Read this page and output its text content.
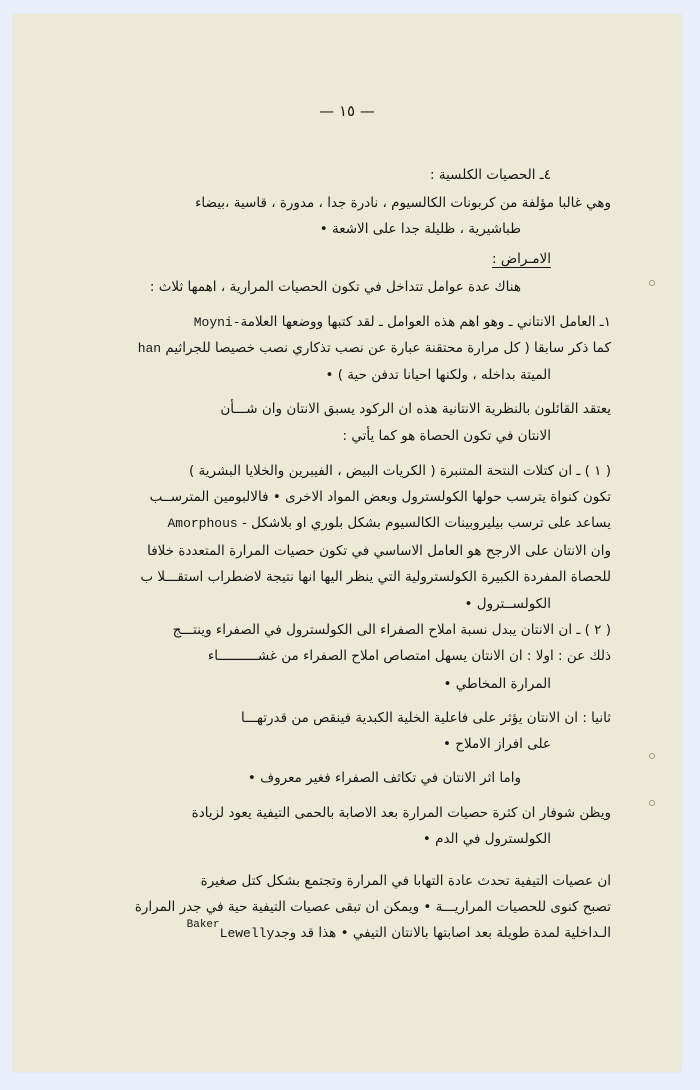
— ١٥ —
٤ـ الحصيات الكلسية :
وهي غالبا مؤلفة من كربونات الكالسيوم ، نادرة جدا ، مدورة ، قاسية ،بيضاء
طباشيرية ، ظليلة جدا على الاشعة •
الامـراض :
هناك عدة عوامل تتداخل في تكون الحصيات المرارية ، اهمها ثلاث :
١ـ العامل الانتاني ـ وهو اهم هذه العوامل ـ لقد كتبها ووضعها العلامةMoyni-
كما ذكر سابقا ( كل مرارة محتقنة عبارة عن نصب تذكاري نصب خصيصا للجراثيم han
الميتة بداخله ، ولكنها احيانا تدفن حية ) •
يعتقد القائلون بالنظرية الانتانية هذه ان الركود يسبق الانتان وان شـــأن
الانتان في تكون الحصاة هو كما يأتي :
( ١ ) ـ ان كتلات النتحة المتنبرة ( الكريات البيض ، الفيبرين والخلايا البشرية )
تكون كنواة يترسب حولها الكولسترول وبعض المواد الاخرى • فالالبومين المترســب
يساعد على ترسب بيليروبينات الكالسيوم بشكل بلوري او بلاشكل - Amorphous
وان الانتان على الارجح هو العامل الاساسي في تكون حصيات المرارة المتعددة خلافا
للحصاة المفردة الكبيرة الكولسترولية التي ينظر اليها انها نتيجة لاضطراب استقـــلا ب
الكولســترول •
( ٢ ) ـ ان الانتان يبدل نسبة املاح الصفراء الى الكولسترول في الصفراء وينتـــج
ذلك عن : اولا : ان الانتان يسهل امتصاص املاح الصفراء من غشــــــــــاء
المرارة المخاطي •
ثانيا : ان الانتان يؤثر على فاعلية الخلية الكبدية فينقص من قدرتهـــا
على افراز الاملاح •
واما اثر الانتان في تكاثف الصفراء فغير معروف •
ويظن شوفار ان كثرة حصيات المرارة بعد الاصابة بالحمى التيفية يعود لزيادة
الكولسترول في الدم •
ان عصيات التيفية تحدث عادة التهابا في المرارة وتجتمع بشكل كتل صغيرة
تصبح كنوى للحصيات المراريـــة • ويمكن ان تبقى عصيات التيفية حية في جدر المرارة
الـداخلية لمدة طويلة بعد اصابتها بالانتان التيفي • هذا قد وجد$^{Baker}$Lewelly
